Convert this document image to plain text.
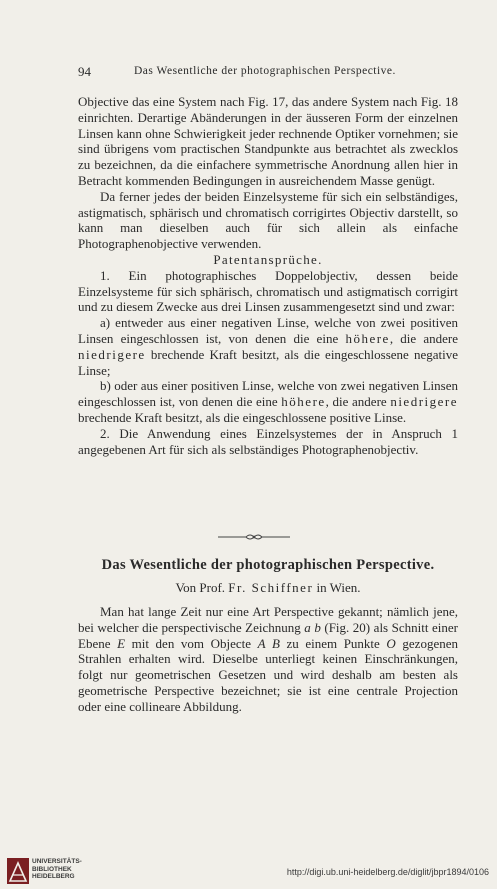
94	Das Wesentliche der photographischen Perspective.

Objective das eine System nach Fig. 17, das andere System nach Fig. 18 einrichten. Derartige Abänderungen in der äusseren Form der einzelnen Linsen kann ohne Schwierigkeit jeder rechnende Optiker vornehmen; sie sind übrigens vom practischen Standpunkte aus betrachtet als zwecklos zu bezeichnen, da die einfachere symmetrische Anordnung allen hier in Betracht kommenden Bedingungen in ausreichendem Masse genügt.

Da ferner jedes der beiden Einzelsysteme für sich ein selbständiges, astigmatisch, sphärisch und chromatisch corrigirtes Objectiv darstellt, so kann man dieselben auch für sich allein als einfache Photographenobjective verwenden.

Patentansprüche.

1. Ein photographisches Doppelobjectiv, dessen beide Einzelsysteme für sich sphärisch, chromatisch und astigmatisch corrigirt und zu diesem Zwecke aus drei Linsen zusammengesetzt sind und zwar:

a) entweder aus einer negativen Linse, welche von zwei positiven Linsen eingeschlossen ist, von denen die eine höhere, die andere niedrigere brechende Kraft besitzt, als die eingeschlossene negative Linse;

b) oder aus einer positiven Linse, welche von zwei negativen Linsen eingeschlossen ist, von denen die eine höhere, die andere niedrigere brechende Kraft besitzt, als die eingeschlossene positive Linse.

2. Die Anwendung eines Einzelsystemes der in Anspruch 1 angegebenen Art für sich als selbständiges Photographenobjectiv.

Das Wesentliche der photographischen Perspective.
Von Prof. Fr. Schiffner in Wien.

Man hat lange Zeit nur eine Art Perspective gekannt; nämlich jene, bei welcher die perspectivische Zeichnung a b (Fig. 20) als Schnitt einer Ebene E mit den vom Objecte A B zu einem Punkte O gezogenen Strahlen erhalten wird. Dieselbe unterliegt keinen Einschränkungen, folgt nur geometrischen Gesetzen und wird deshalb am besten als geometrische Perspective bezeichnet; sie ist eine centrale Projection oder eine collineare Abbildung.

UNIVERSITÄTS-
BIBLIOTHEK
HEIDELBERG	http://digi.ub.uni-heidelberg.de/diglit/jbpr1894/0106
